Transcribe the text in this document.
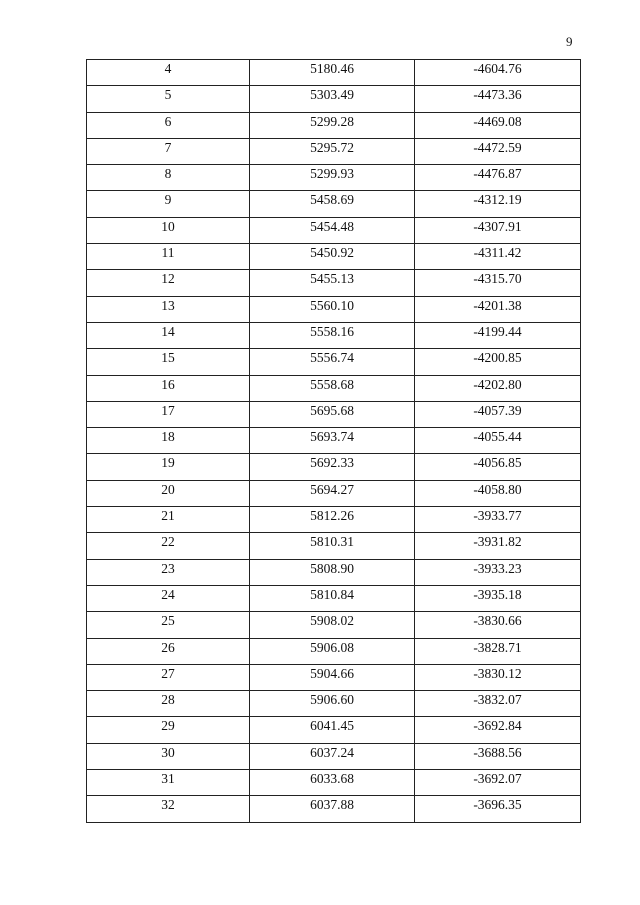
9
4	5180.46	-4604.76
5	5303.49	-4473.36
6	5299.28	-4469.08
7	5295.72	-4472.59
8	5299.93	-4476.87
9	5458.69	-4312.19
10	5454.48	-4307.91
11	5450.92	-4311.42
12	5455.13	-4315.70
13	5560.10	-4201.38
14	5558.16	-4199.44
15	5556.74	-4200.85
16	5558.68	-4202.80
17	5695.68	-4057.39
18	5693.74	-4055.44
19	5692.33	-4056.85
20	5694.27	-4058.80
21	5812.26	-3933.77
22	5810.31	-3931.82
23	5808.90	-3933.23
24	5810.84	-3935.18
25	5908.02	-3830.66
26	5906.08	-3828.71
27	5904.66	-3830.12
28	5906.60	-3832.07
29	6041.45	-3692.84
30	6037.24	-3688.56
31	6033.68	-3692.07
32	6037.88	-3696.35
